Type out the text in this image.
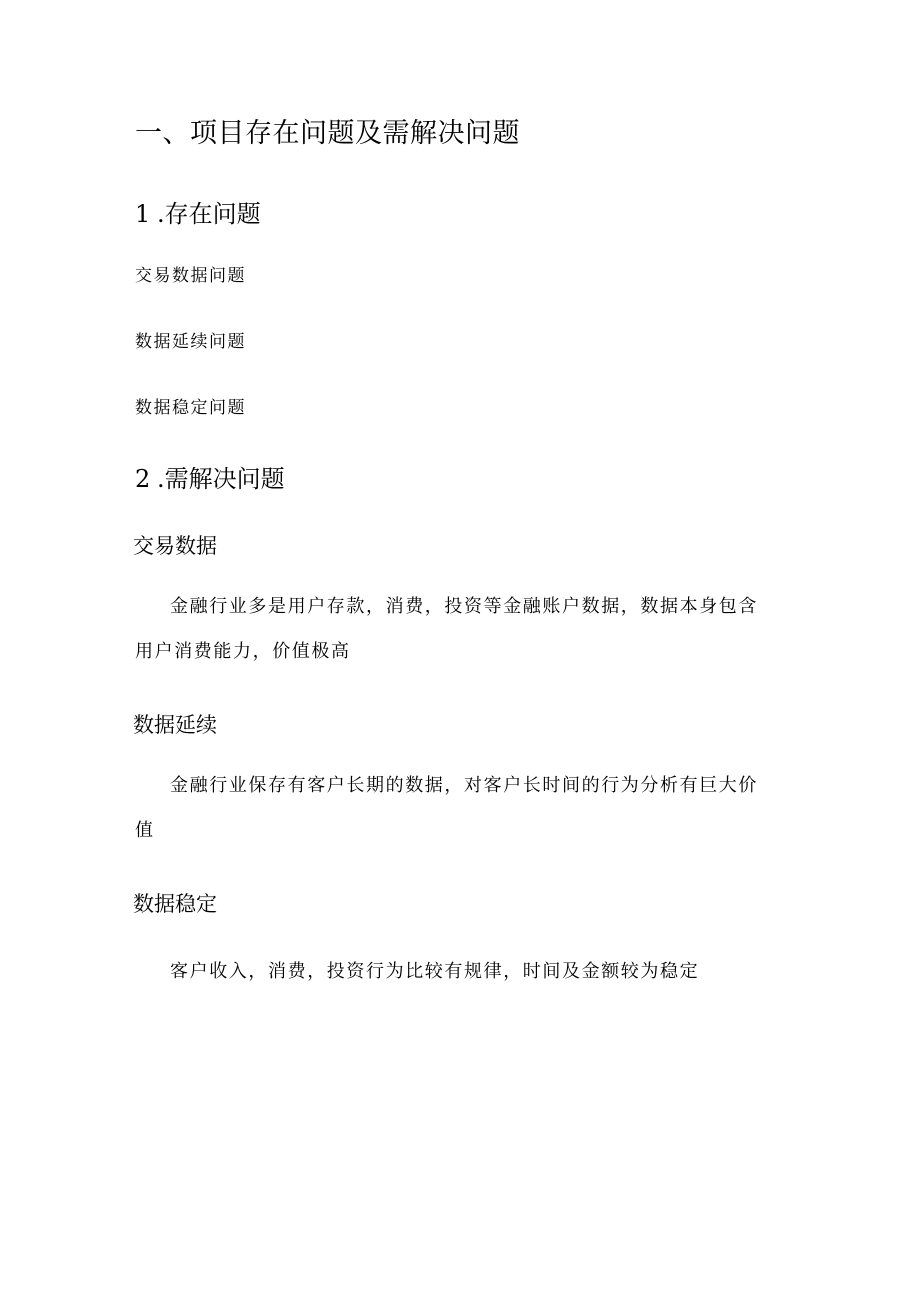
一、项目存在问题及需解决问题
1 .存在问题
交易数据问题
数据延续问题
数据稳定问题
2 .需解决问题
交易数据
金融行业多是用户存款，消费，投资等金融账户数据，数据本身包含
用户消费能力，价值极高
数据延续
金融行业保存有客户长期的数据，对客户长时间的行为分析有巨大价
值
数据稳定
客户收入，消费，投资行为比较有规律，时间及金额较为稳定
